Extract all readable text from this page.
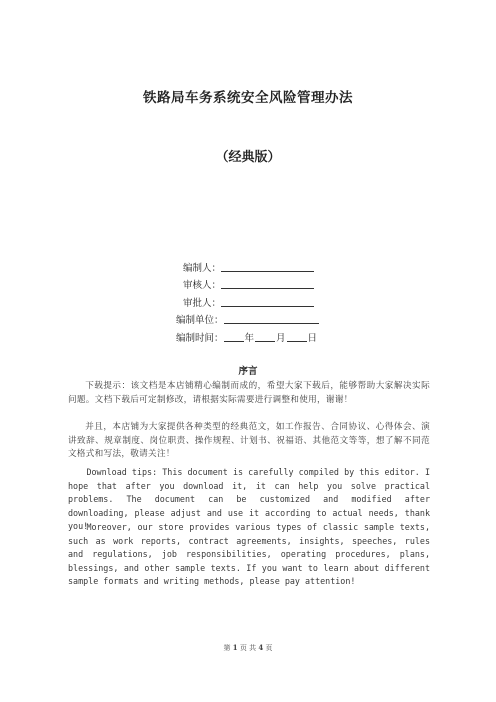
铁路局车务系统安全风险管理办法
（经典版）
编制人：
审核人：
审批人：
编制单位：
编制时间： 年 月 日
序言
下载提示：该文档是本店铺精心编制而成的，希望大家下载后，能够帮助大家解决实际问题。文档下载后可定制修改，请根据实际需要进行调整和使用，谢谢！
并且，本店铺为大家提供各种类型的经典范文，如工作报告、合同协议、心得体会、演讲致辞、规章制度、岗位职责、操作规程、计划书、祝福语、其他范文等等，想了解不同范文格式和写法，敬请关注！
Download tips: This document is carefully compiled by this editor. I hope that after you download it, it can help you solve practical problems. The document can be customized and modified after downloading, please adjust and use it according to actual needs, thank you!
Moreover, our store provides various types of classic sample texts, such as work reports, contract agreements, insights, speeches, rules and regulations, job responsibilities, operating procedures, plans, blessings, and other sample texts. If you want to learn about different sample formats and writing methods, please pay attention!
第 1 页 共 4 页
